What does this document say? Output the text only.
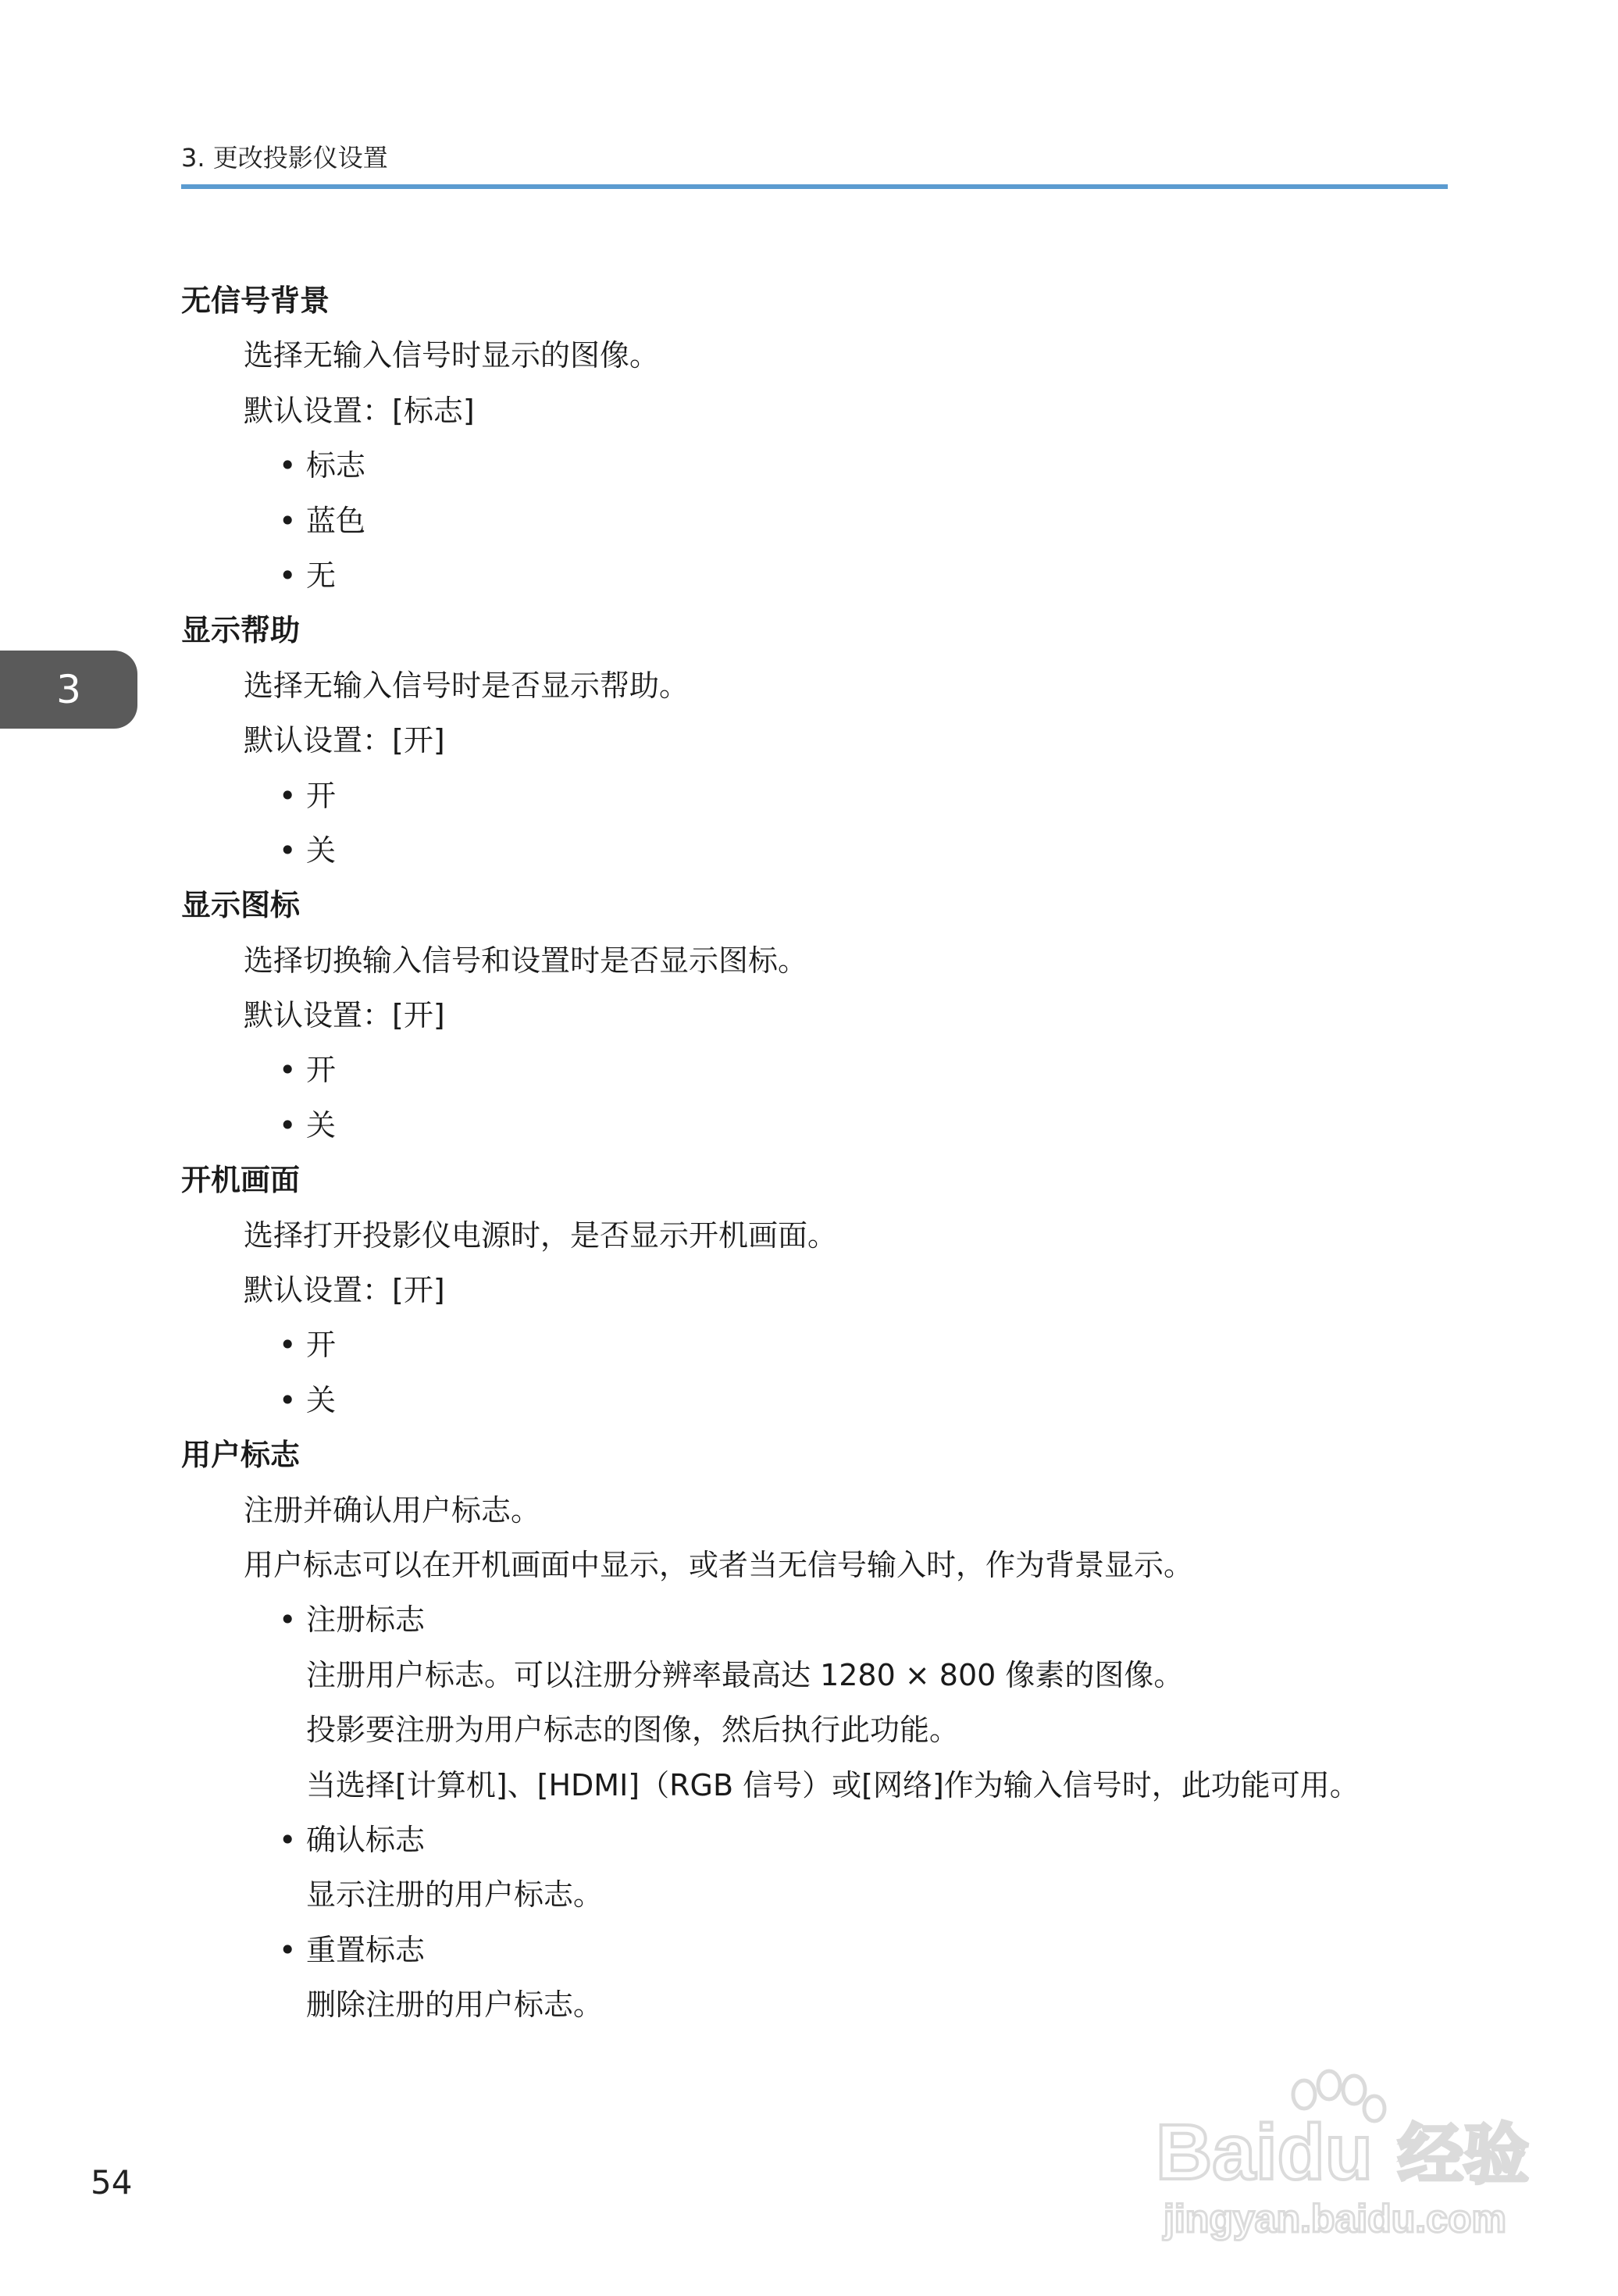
3. 更改投影仪设置
3
无信号背景
选择无输入信号时显示的图像。
默认设置：[标志]
• 标志
• 蓝色
• 无
显示帮助
选择无输入信号时是否显示帮助。
默认设置：[开]
• 开
• 关
显示图标
选择切换输入信号和设置时是否显示图标。
默认设置：[开]
• 开
• 关
开机画面
选择打开投影仪电源时，是否显示开机画面。
默认设置：[开]
• 开
• 关
用户标志
注册并确认用户标志。
用户标志可以在开机画面中显示，或者当无信号输入时，作为背景显示。
• 注册标志
注册用户标志。可以注册分辨率最高达 1280 × 800 像素的图像。
投影要注册为用户标志的图像，然后执行此功能。
当选择[计算机]、[HDMI]（RGB 信号）或[网络]作为输入信号时，此功能可用。
• 确认标志
显示注册的用户标志。
• 重置标志
删除注册的用户标志。
54	Baidu 经验
jingyan.baidu.com
